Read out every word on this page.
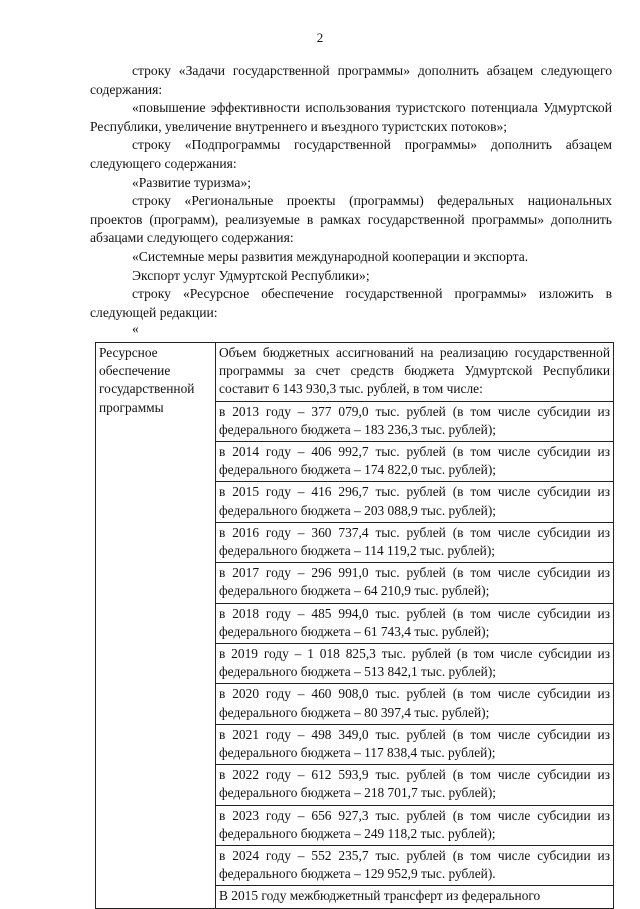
2

строку «Задачи государственной программы» дополнить абзацем следующего содержания:

«повышение эффективности использования туристского потенциала Удмуртской Республики, увеличение внутреннего и въездного туристских потоков»;

строку «Подпрограммы государственной программы» дополнить абзацем следующего содержания:

«Развитие туризма»;

строку «Региональные проекты (программы) федеральных национальных проектов (программ), реализуемые в рамках государственной программы» дополнить абзацами следующего содержания:

«Системные меры развития международной кооперации и экспорта.

Экспорт услуг Удмуртской Республики»;

строку «Ресурсное обеспечение государственной программы» изложить в следующей редакции:

«
Ресурсное обеспечение государственной программы	Объем бюджетных ассигнований на реализацию государственной программы за счет средств бюджета Удмуртской Республики составит 6 143 930,3 тыс. рублей, в том числе:
в 2013 году – 377 079,0 тыс. рублей (в том числе субсидии из федерального бюджета – 183 236,3 тыс. рублей);
в 2014 году – 406 992,7 тыс. рублей (в том числе субсидии из федерального бюджета – 174 822,0 тыс. рублей);
в 2015 году – 416 296,7 тыс. рублей (в том числе субсидии из федерального бюджета – 203 088,9 тыс. рублей);
в 2016 году – 360 737,4 тыс. рублей (в том числе субсидии из федерального бюджета – 114 119,2 тыс. рублей);
в 2017 году – 296 991,0 тыс. рублей (в том числе субсидии из федерального бюджета – 64 210,9 тыс. рублей);
в 2018 году – 485 994,0 тыс. рублей (в том числе субсидии из федерального бюджета – 61 743,4 тыс. рублей);
в 2019 году – 1 018 825,3 тыс. рублей (в том числе субсидии из федерального бюджета – 513 842,1 тыс. рублей);
в 2020 году – 460 908,0 тыс. рублей (в том числе субсидии из федерального бюджета – 80 397,4 тыс. рублей);
в 2021 году – 498 349,0 тыс. рублей (в том числе субсидии из федерального бюджета – 117 838,4 тыс. рублей);
в 2022 году – 612 593,9 тыс. рублей (в том числе субсидии из федерального бюджета – 218 701,7 тыс. рублей);
в 2023 году – 656 927,3 тыс. рублей (в том числе субсидии из федерального бюджета – 249 118,2 тыс. рублей);
в 2024 году – 552 235,7 тыс. рублей (в том числе субсидии из федерального бюджета – 129 952,9 тыс. рублей).
В 2015 году межбюджетный трансферт из федерального
